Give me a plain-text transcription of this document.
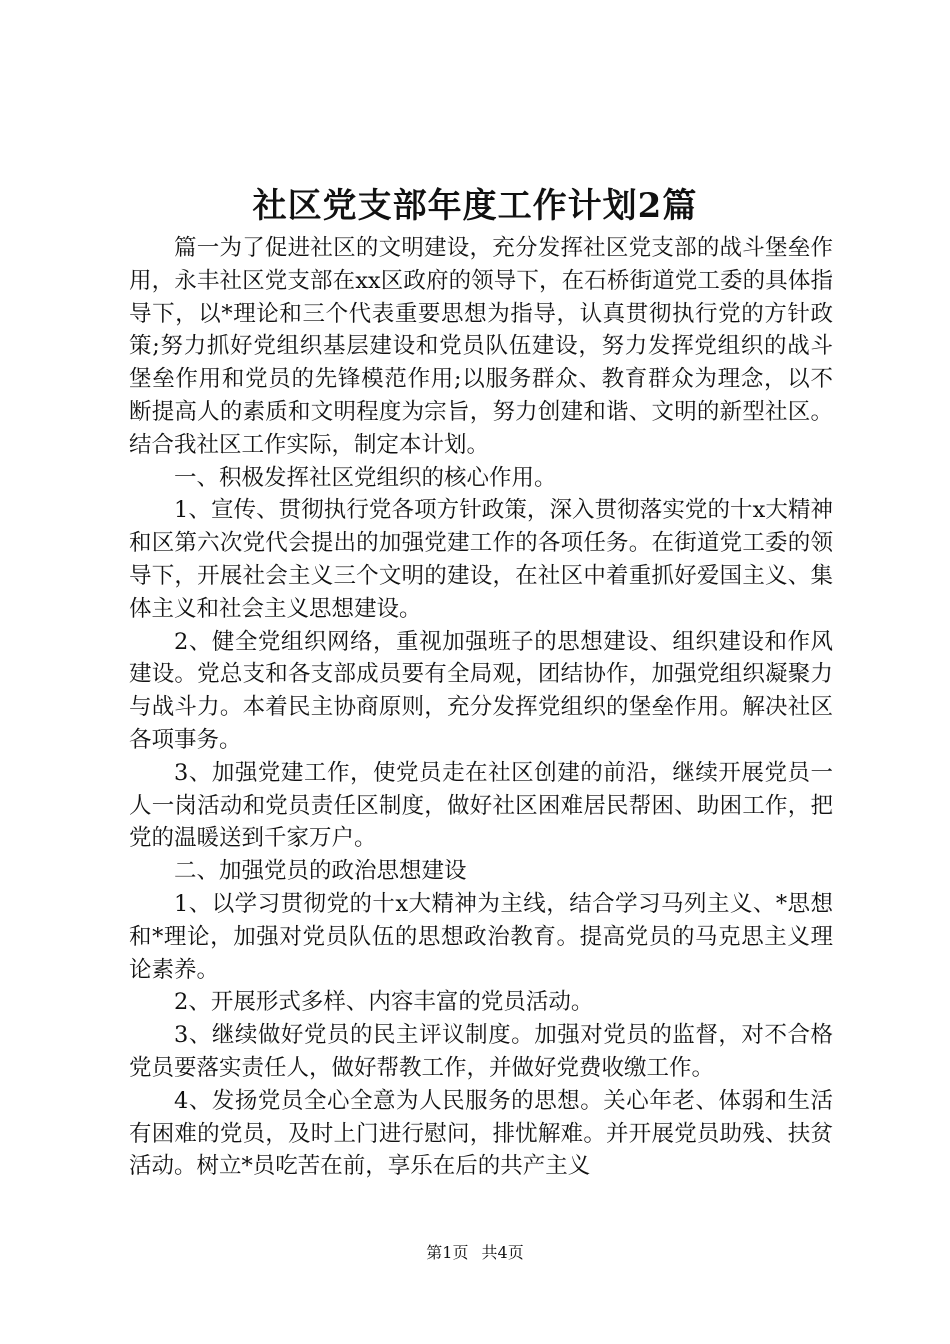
社区党支部年度工作计划2篇

篇一为了促进社区的文明建设，充分发挥社区党支部的战斗堡垒作用，永丰社区党支部在xx区政府的领导下，在石桥街道党工委的具体指导下，以*理论和三个代表重要思想为指导，认真贯彻执行党的方针政策;努力抓好党组织基层建设和党员队伍建设，努力发挥党组织的战斗堡垒作用和党员的先锋模范作用;以服务群众、教育群众为理念，以不断提高人的素质和文明程度为宗旨，努力创建和谐、文明的新型社区。结合我社区工作实际，制定本计划。

一、积极发挥社区党组织的核心作用。

1、宣传、贯彻执行党各项方针政策，深入贯彻落实党的十x大精神和区第六次党代会提出的加强党建工作的各项任务。在街道党工委的领导下，开展社会主义三个文明的建设，在社区中着重抓好爱国主义、集体主义和社会主义思想建设。

2、健全党组织网络，重视加强班子的思想建设、组织建设和作风建设。党总支和各支部成员要有全局观，团结协作，加强党组织凝聚力与战斗力。本着民主协商原则，充分发挥党组织的堡垒作用。解决社区各项事务。

3、加强党建工作，使党员走在社区创建的前沿，继续开展党员一人一岗活动和党员责任区制度，做好社区困难居民帮困、助困工作，把党的温暖送到千家万户。

二、加强党员的政治思想建设

1、以学习贯彻党的十x大精神为主线，结合学习马列主义、*思想和*理论，加强对党员队伍的思想政治教育。提高党员的马克思主义理论素养。

2、开展形式多样、内容丰富的党员活动。

3、继续做好党员的民主评议制度。加强对党员的监督，对不合格党员要落实责任人，做好帮教工作，并做好党费收缴工作。

4、发扬党员全心全意为人民服务的思想。关心年老、体弱和生活有困难的党员，及时上门进行慰问，排忧解难。并开展党员助残、扶贫活动。树立*员吃苦在前，享乐在后的共产主义

第1页 共4页
